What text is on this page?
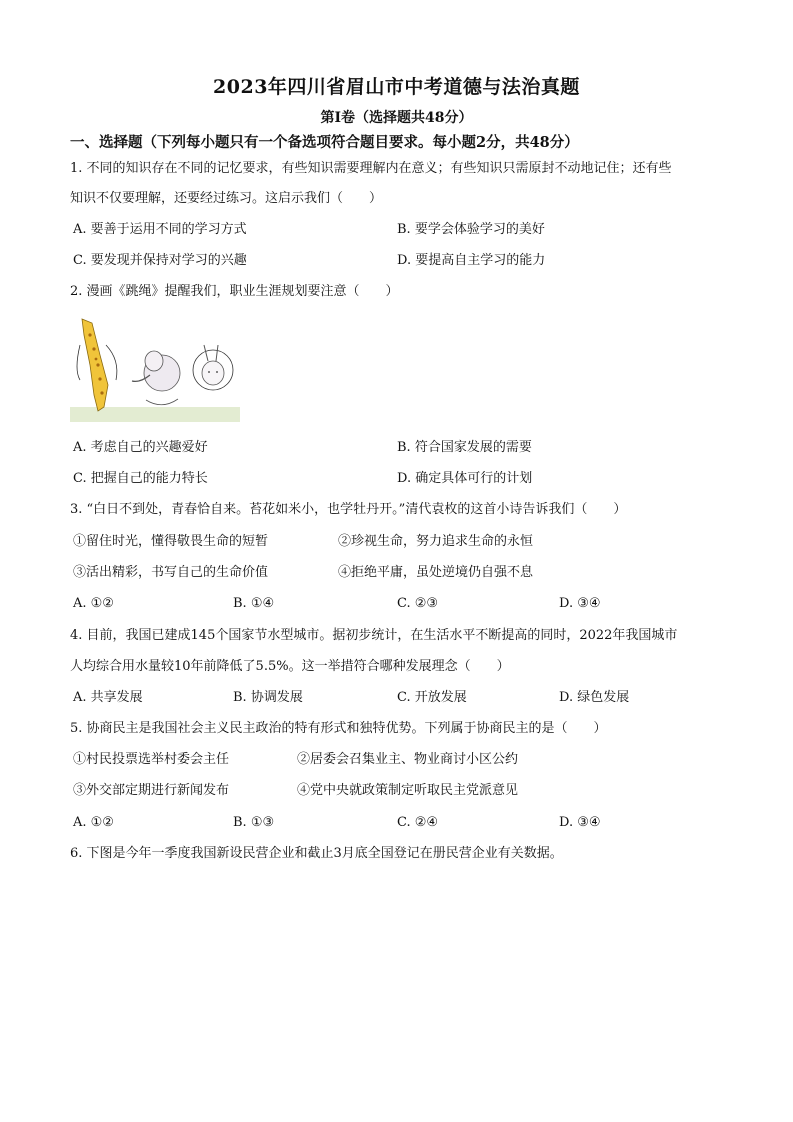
2023年四川省眉山市中考道德与法治真题
第I卷（选择题共48分）
一、选择题（下列每小题只有一个备选项符合题目要求。每小题2分，共48分）
1. 不同的知识存在不同的记忆要求，有些知识需要理解内在意义；有些知识只需原封不动地记住；还有些
知识不仅要理解，还要经过练习。这启示我们（　　）
A. 要善于运用不同的学习方式	B. 要学会体验学习的美好
C. 要发现并保持对学习的兴趣	D. 要提高自主学习的能力
2. 漫画《跳绳》提醒我们，职业生涯规划要注意（　　）
A. 考虑自己的兴趣爱好	B. 符合国家发展的需要
C. 把握自己的能力特长	D. 确定具体可行的计划
3. “白日不到处，青春恰自来。苔花如米小，也学牡丹开。”清代袁枚的这首小诗告诉我们（　　）
①留住时光，懂得敬畏生命的短暂	②珍视生命，努力追求生命的永恒
③活出精彩，书写自己的生命价值	④拒绝平庸，虽处逆境仍自强不息
A. ①②	B. ①④	C. ②③	D. ③④
4. 目前，我国已建成145个国家节水型城市。据初步统计，在生活水平不断提高的同时，2022年我国城市
人均综合用水量较10年前降低了5.5%。这一举措符合哪种发展理念（　　）
A. 共享发展	B. 协调发展	C. 开放发展	D. 绿色发展
5. 协商民主是我国社会主义民主政治的特有形式和独特优势。下列属于协商民主的是（　　）
①村民投票选举村委会主任	②居委会召集业主、物业商讨小区公约
③外交部定期进行新闻发布	④党中央就政策制定听取民主党派意见
A. ①②	B. ①③	C. ②④	D. ③④
6. 下图是今年一季度我国新设民营企业和截止3月底全国登记在册民营企业有关数据。
